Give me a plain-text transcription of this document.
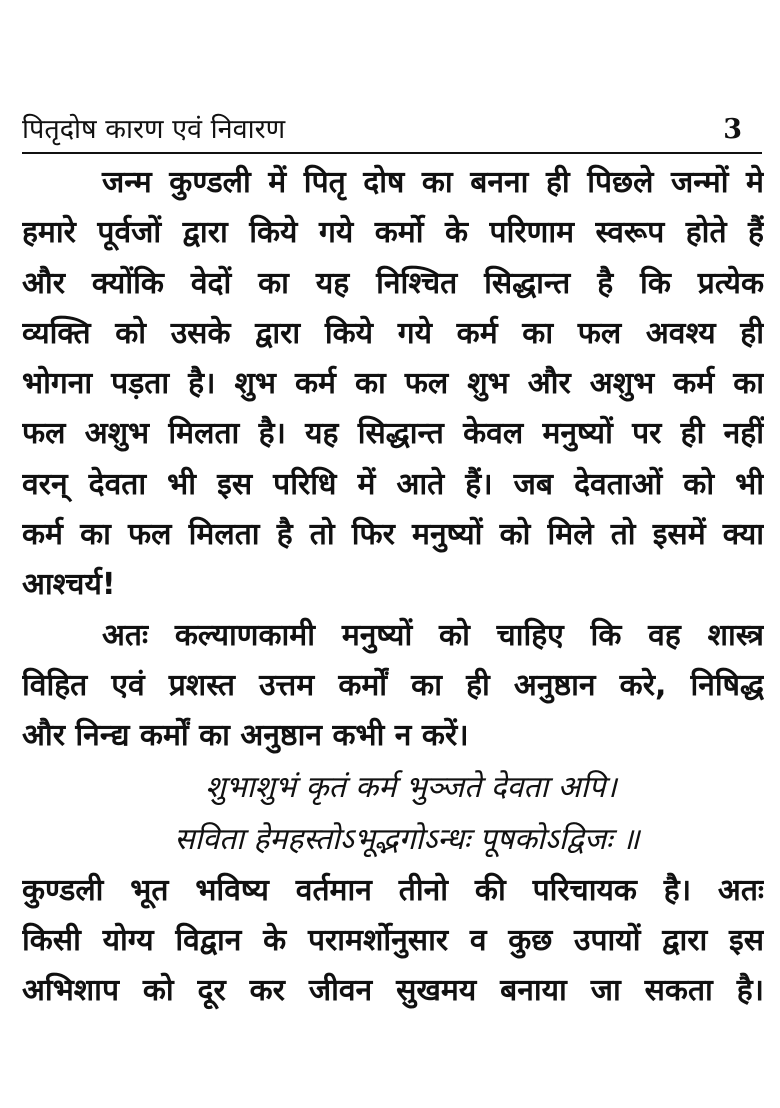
पितृदोष कारण एवं निवारण	3
जन्म कुण्डली में पितृ दोष का बनना ही पिछले जन्मों मे
हमारे पूर्वजों द्वारा किये गये कर्मो के परिणाम स्वरूप होते हैं
और क्योंकि वेदों का यह निश्चित सिद्धान्त है कि प्रत्येक
व्यक्ति को उसके द्वारा किये गये कर्म का फल अवश्य ही
भोगना पड़ता है। शुभ कर्म का फल शुभ और अशुभ कर्म का
फल अशुभ मिलता है। यह सिद्धान्त केवल मनुष्यों पर ही नहीं
वरन् देवता भी इस परिधि में आते हैं। जब देवताओं को भी
कर्म का फल मिलता है तो फिर मनुष्यों को मिले तो इसमें क्या
आश्चर्य!
अतः कल्याणकामी मनुष्यों को चाहिए कि वह शास्त्र
विहित एवं प्रशस्त उत्तम कर्मों का ही अनुष्ठान करे, निषिद्ध
और निन्द्य कर्मों का अनुष्ठान कभी न करें।
शुभाशुभं कृतं कर्म भुञ्जते देवता अपि।
सविता हेमहस्तोऽभूद्भगोऽन्धः पूषकोऽद्विजः ॥
कुण्डली भूत भविष्य वर्तमान तीनो की परिचायक है। अतः
किसी योग्य विद्वान के परामर्शोनुसार व कुछ उपायों द्वारा इस
अभिशाप को दूर कर जीवन सुखमय बनाया जा सकता है।
